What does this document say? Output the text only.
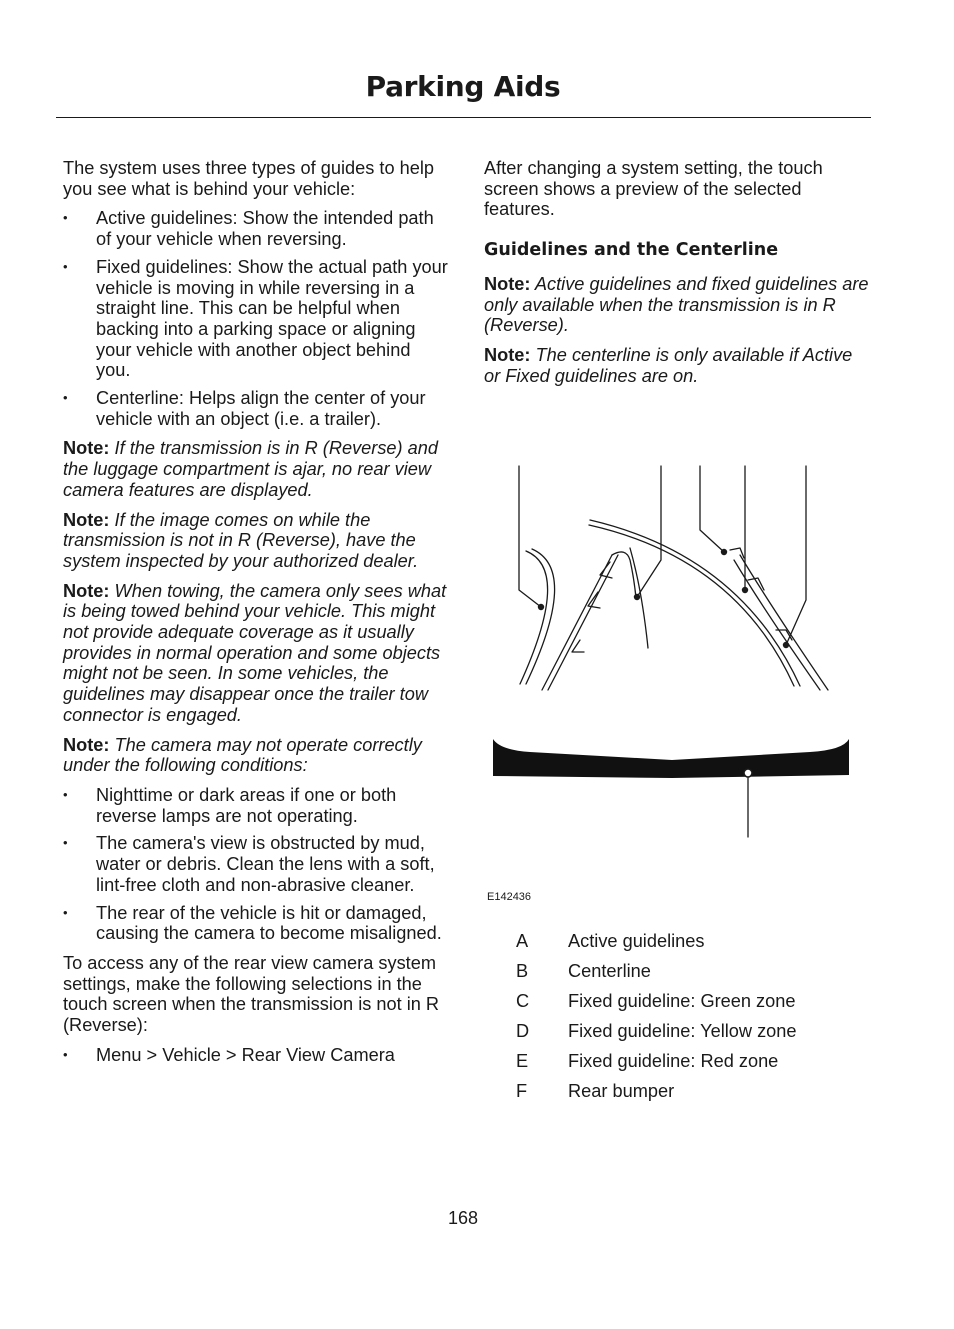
Parking Aids

The system uses three types of guides to help you see what is behind your vehicle:

• Active guidelines: Show the intended path of your vehicle when reversing.
• Fixed guidelines: Show the actual path your vehicle is moving in while reversing in a straight line. This can be helpful when backing into a parking space or aligning your vehicle with another object behind you.
• Centerline: Helps align the center of your vehicle with an object (i.e. a trailer).

Note: If the transmission is in R (Reverse) and the luggage compartment is ajar, no rear view camera features are displayed.

Note: If the image comes on while the transmission is not in R (Reverse), have the system inspected by your authorized dealer.

Note: When towing, the camera only sees what is being towed behind your vehicle. This might not provide adequate coverage as it usually provides in normal operation and some objects might not be seen. In some vehicles, the guidelines may disappear once the trailer tow connector is engaged.

Note: The camera may not operate correctly under the following conditions:

• Nighttime or dark areas if one or both reverse lamps are not operating.
• The camera's view is obstructed by mud, water or debris. Clean the lens with a soft, lint-free cloth and non-abrasive cleaner.
• The rear of the vehicle is hit or damaged, causing the camera to become misaligned.

To access any of the rear view camera system settings, make the following selections in the touch screen when the transmission is not in R (Reverse):

• Menu > Vehicle > Rear View Camera

After changing a system setting, the touch screen shows a preview of the selected features.

Guidelines and the Centerline

Note: Active guidelines and fixed guidelines are only available when the transmission is in R (Reverse).

Note: The centerline is only available if Active or Fixed guidelines are on.

E142436
A	Active guidelines
B	Centerline
C	Fixed guideline: Green zone
D	Fixed guideline: Yellow zone
E	Fixed guideline: Red zone
F	Rear bumper
168
